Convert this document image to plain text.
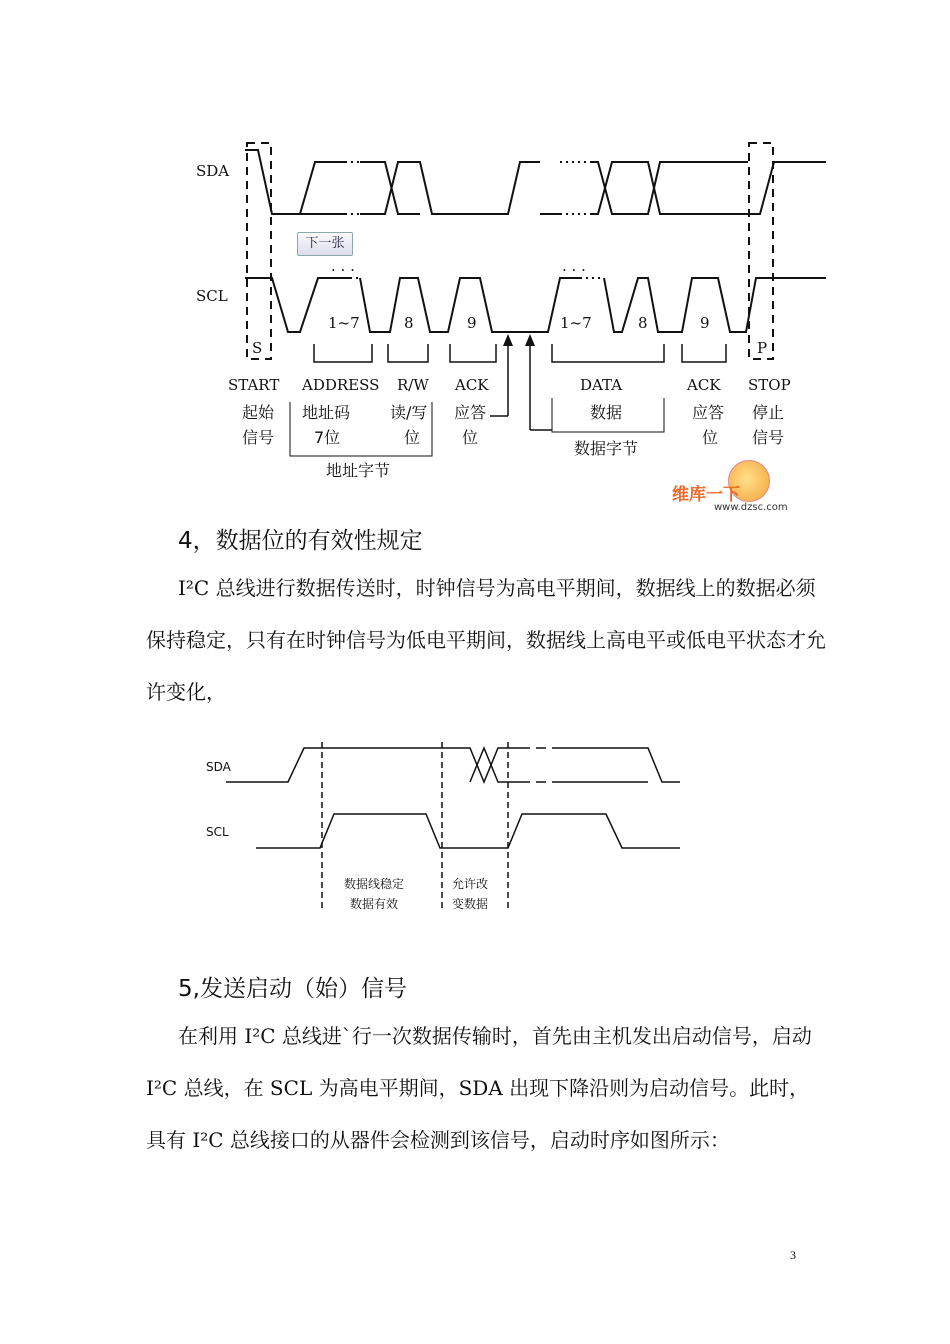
SDA
SCL
S	P
· · ·	· · ·
1~7	8	9	1~7	8	9
START ADDRESS R/W ACK	DATA	ACK STOP
起始
信号
地址码
7位
读/写
位
应答
位
数据	应答
位
停止
信号
地址字节
数据字节
SDA
SCL
数据线稳定
数据有效
允许改
变数据
下一张
维库一下
www.dzsc.com
4，数据位的有效性规定
I²C 总线进行数据传送时，时钟信号为高电平期间，数据线上的数据必须保持稳定，只有在时钟信号为低电平期间，数据线上高电平或低电平状态才允许变化，
5,发送启动（始）信号
在利用 I²C 总线进`行一次数据传输时，首先由主机发出启动信号，启动 I²C 总线，在 SCL 为高电平期间，SDA 出现下降沿则为启动信号。此时，具有 I²C 总线接口的从器件会检测到该信号，启动时序如图所示：
3
